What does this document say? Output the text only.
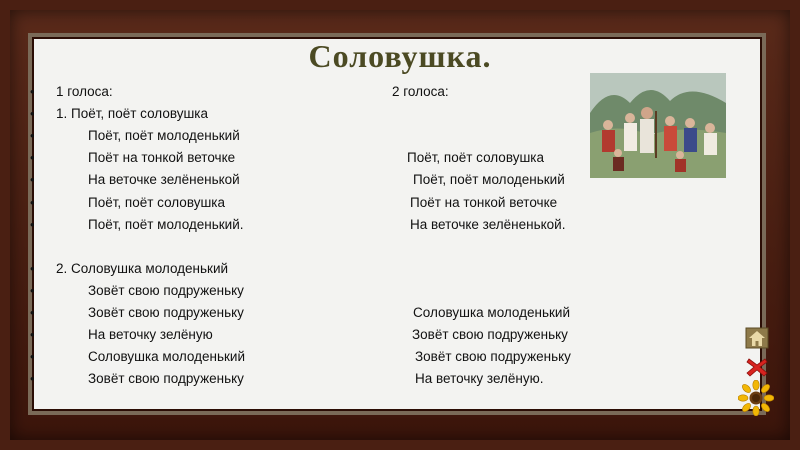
Соловушка.
• 1 голоса:	2 голоса:
• 1. Поёт, поёт соловушка
•	Поёт, поёт молоденький
•	Поёт на тонкой веточке	Поёт, поёт соловушка
•	На веточке зелёненькой	Поёт, поёт молоденький
•	Поёт, поёт соловушка	Поёт на тонкой веточке
•	Поёт, поёт молоденький.	На веточке зелёненькой.
• 2. Соловушка молоденький
•	Зовёт свою подруженьку
•	Зовёт свою подруженьку	Соловушка молоденький
•	На веточку зелёную	Зовёт свою подруженьку
•	Соловушка молоденький	Зовёт свою подруженьку
•	Зовёт свою подруженьку	На веточку зелёную.
